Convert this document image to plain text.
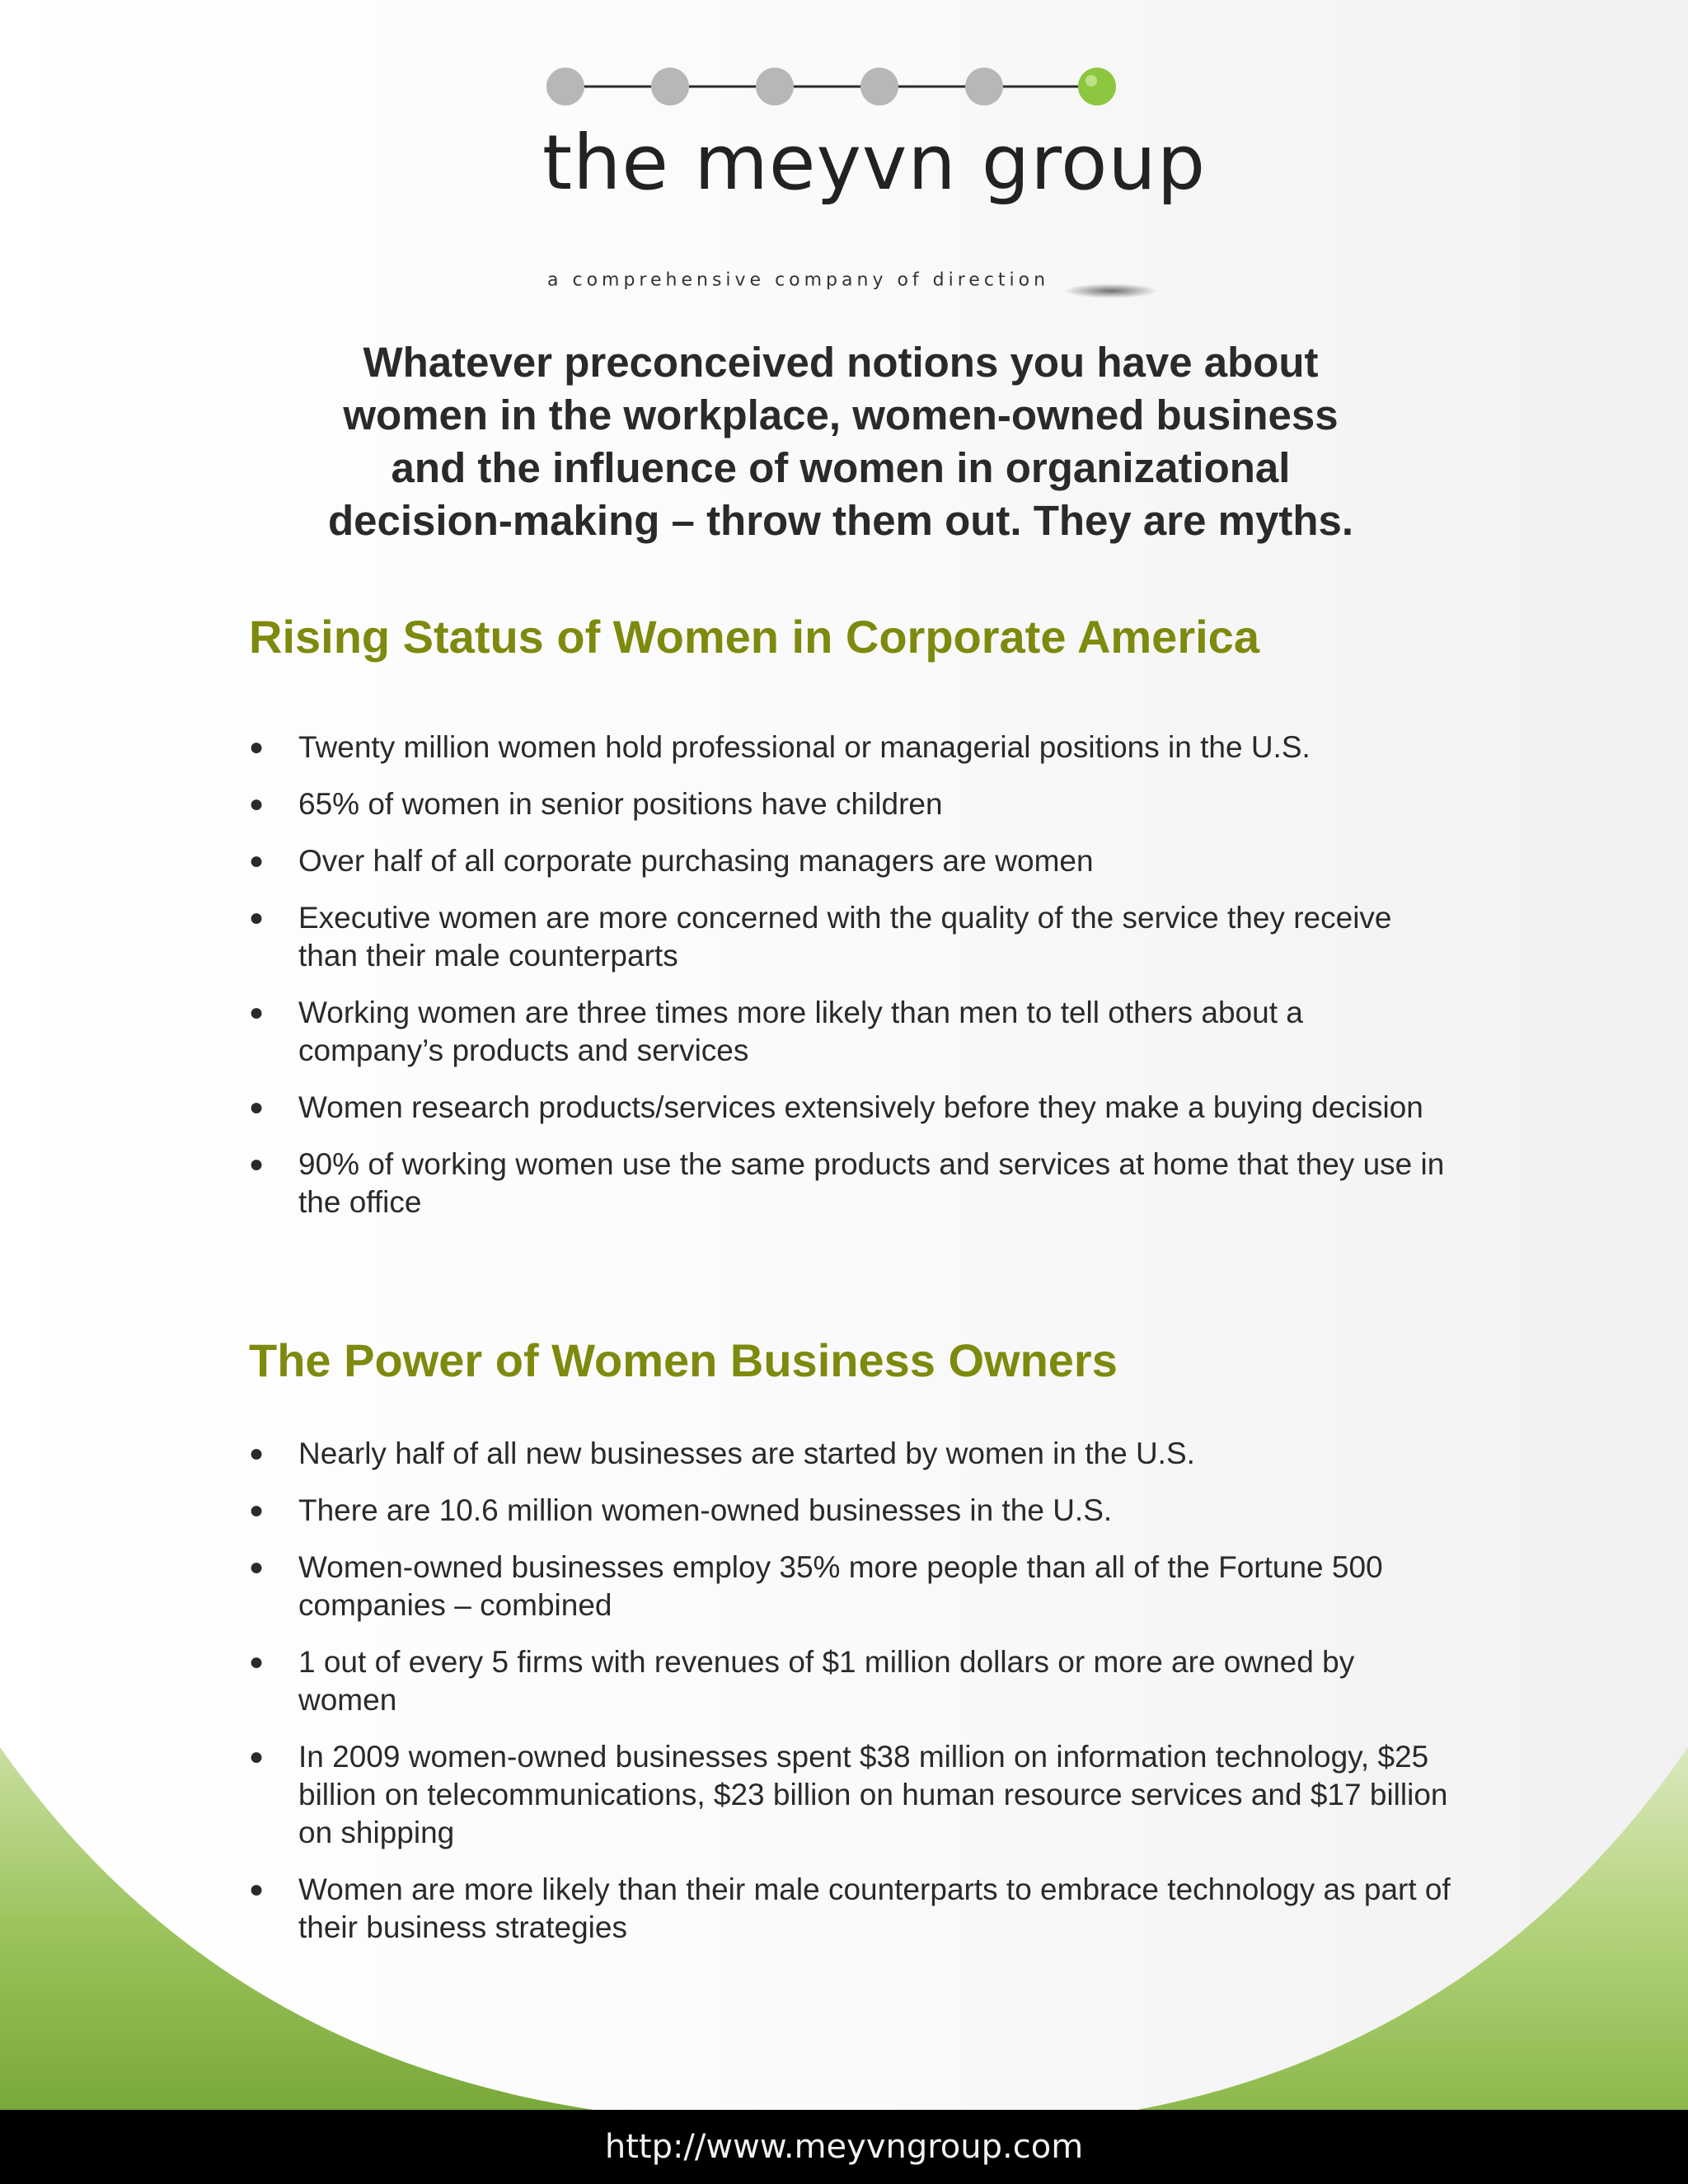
the meyvn group
a comprehensive company of direction
Whatever preconceived notions you have about
women in the workplace, women-owned business
and the influence of women in organizational
decision-making – throw them out. They are myths.
Rising Status of Women in Corporate America
● Twenty million women hold professional or managerial positions in the U.S.
● 65% of women in senior positions have children
● Over half of all corporate purchasing managers are women
● Executive women are more concerned with the quality of the service they receive than their male counterparts
● Working women are three times more likely than men to tell others about a company’s products and services
● Women research products/services extensively before they make a buying decision
● 90% of working women use the same products and services at home that they use in the office
The Power of Women Business Owners
● Nearly half of all new businesses are started by women in the U.S.
● There are 10.6 million women-owned businesses in the U.S.
● Women-owned businesses employ 35% more people than all of the Fortune 500 companies – combined
● 1 out of every 5 firms with revenues of $1 million dollars or more are owned by women
● In 2009 women-owned businesses spent $38 million on information technology, $25 billion on telecommunications, $23 billion on human resource services and $17 billion on shipping
● Women are more likely than their male counterparts to embrace technology as part of their business strategies
http://www.meyvngroup.com
